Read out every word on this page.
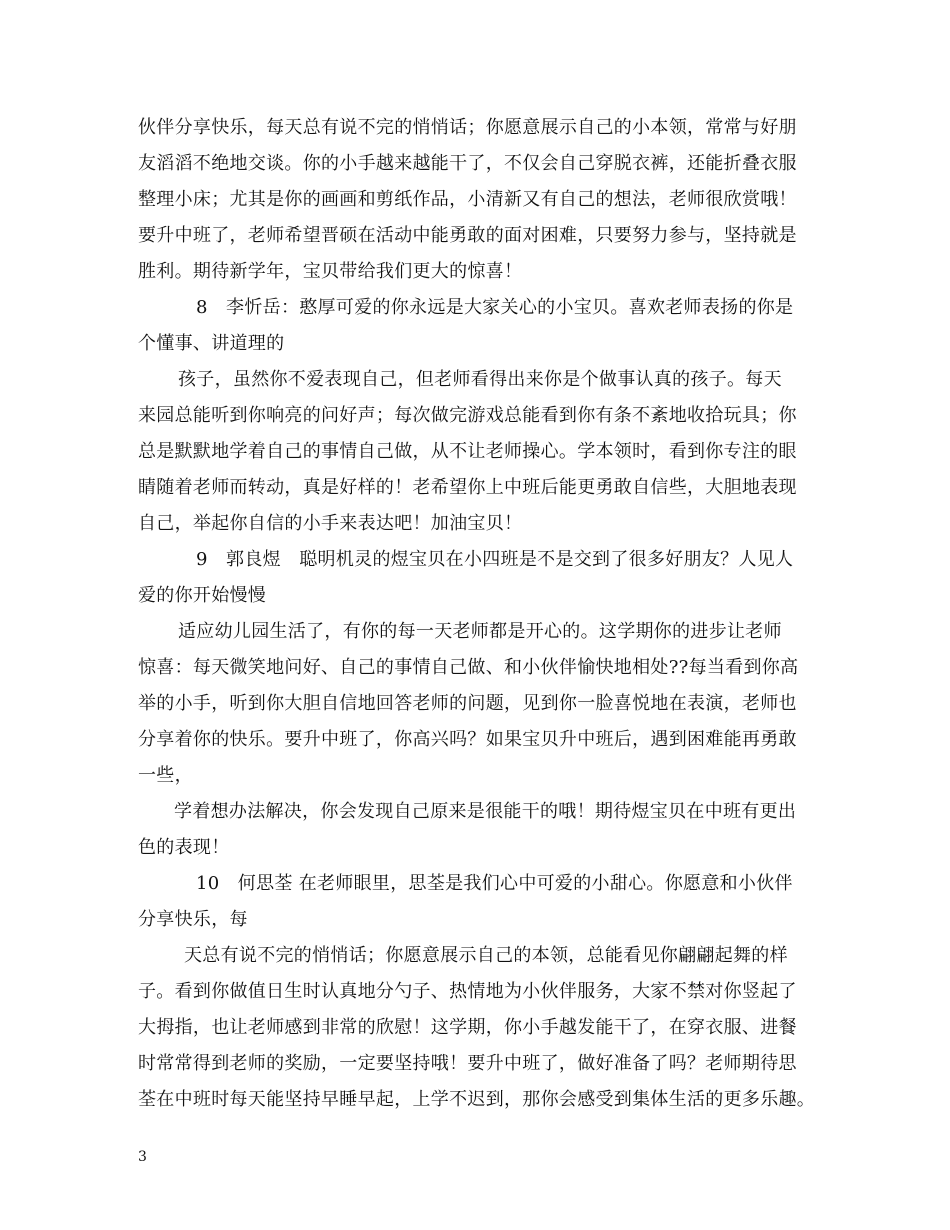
伙伴分享快乐，每天总有说不完的悄悄话；你愿意展示自己的小本领，常常与好朋
友滔滔不绝地交谈。你的小手越来越能干了，不仅会自己穿脱衣裤，还能折叠衣服
整理小床；尤其是你的画画和剪纸作品，小清新又有自己的想法，老师很欣赏哦！
要升中班了，老师希望晋硕在活动中能勇敢的面对困难，只要努力参与，坚持就是
胜利。期待新学年，宝贝带给我们更大的惊喜！
8　李忻岳：憨厚可爱的你永远是大家关心的小宝贝。喜欢老师表扬的你是
个懂事、讲道理的
孩子，虽然你不爱表现自己，但老师看得出来你是个做事认真的孩子。每天
来园总能听到你响亮的问好声；每次做完游戏总能看到你有条不紊地收拾玩具；你
总是默默地学着自己的事情自己做，从不让老师操心。学本领时，看到你专注的眼
睛随着老师而转动，真是好样的！老希望你上中班后能更勇敢自信些，大胆地表现
自己，举起你自信的小手来表达吧！加油宝贝！
9　郭良煜　聪明机灵的煜宝贝在小四班是不是交到了很多好朋友？人见人
爱的你开始慢慢
适应幼儿园生活了，有你的每一天老师都是开心的。这学期你的进步让老师
惊喜：每天微笑地问好、自己的事情自己做、和小伙伴愉快地相处??每当看到你高
举的小手，听到你大胆自信地回答老师的问题，见到你一脸喜悦地在表演，老师也
分享着你的快乐。要升中班了，你高兴吗？如果宝贝升中班后，遇到困难能再勇敢
一些，
学着想办法解决，你会发现自己原来是很能干的哦！期待煜宝贝在中班有更出
色的表现！
10　何思荃 在老师眼里，思荃是我们心中可爱的小甜心。你愿意和小伙伴
分享快乐，每
天总有说不完的悄悄话；你愿意展示自己的本领，总能看见你翩翩起舞的样
子。看到你做值日生时认真地分勺子、热情地为小伙伴服务，大家不禁对你竖起了
大拇指，也让老师感到非常的欣慰！这学期，你小手越发能干了，在穿衣服、进餐
时常常得到老师的奖励，一定要坚持哦！要升中班了，做好准备了吗？老师期待思
荃在中班时每天能坚持早睡早起，上学不迟到，那你会感受到集体生活的更多乐趣。
3
